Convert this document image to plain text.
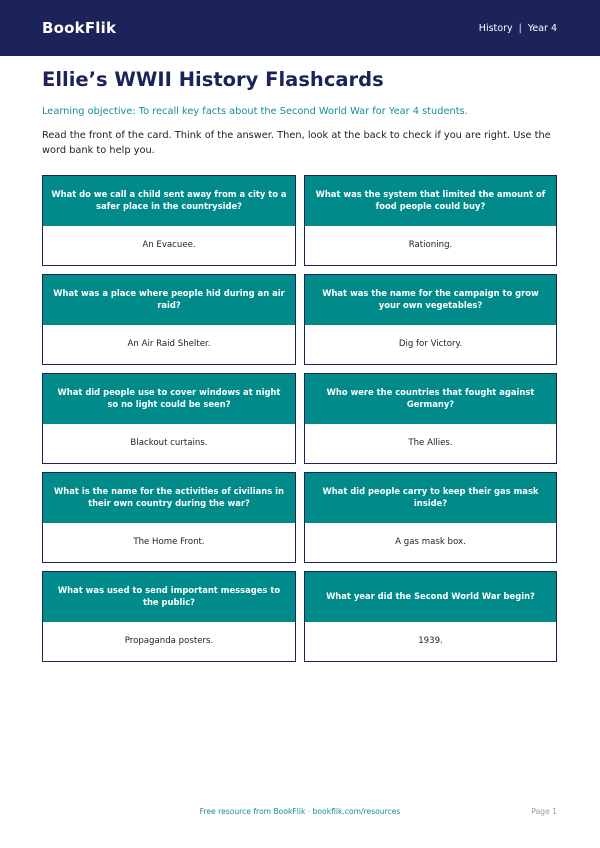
BookFlik	History | Year 4
Ellie’s WWII History Flashcards

Learning objective: To recall key facts about the Second World War for Year 4 students.

Read the front of the card. Think of the answer. Then, look at the back to check if you are right. Use the word bank to help you.

What do we call a child sent away from a city to a safer place in the countryside?
An Evacuee.
What was the system that limited the amount of food people could buy?
Rationing.
What was a place where people hid during an air raid?
An Air Raid Shelter.
What was the name for the campaign to grow your own vegetables?
Dig for Victory.
What did people use to cover windows at night so no light could be seen?
Blackout curtains.
Who were the countries that fought against Germany?
The Allies.
What is the name for the activities of civilians in their own country during the war?
The Home Front.
What did people carry to keep their gas mask inside?
A gas mask box.
What was used to send important messages to the public?
Propaganda posters.
What year did the Second World War begin?
1939.
Free resource from BookFlik · bookflik.com/resources	Page 1
